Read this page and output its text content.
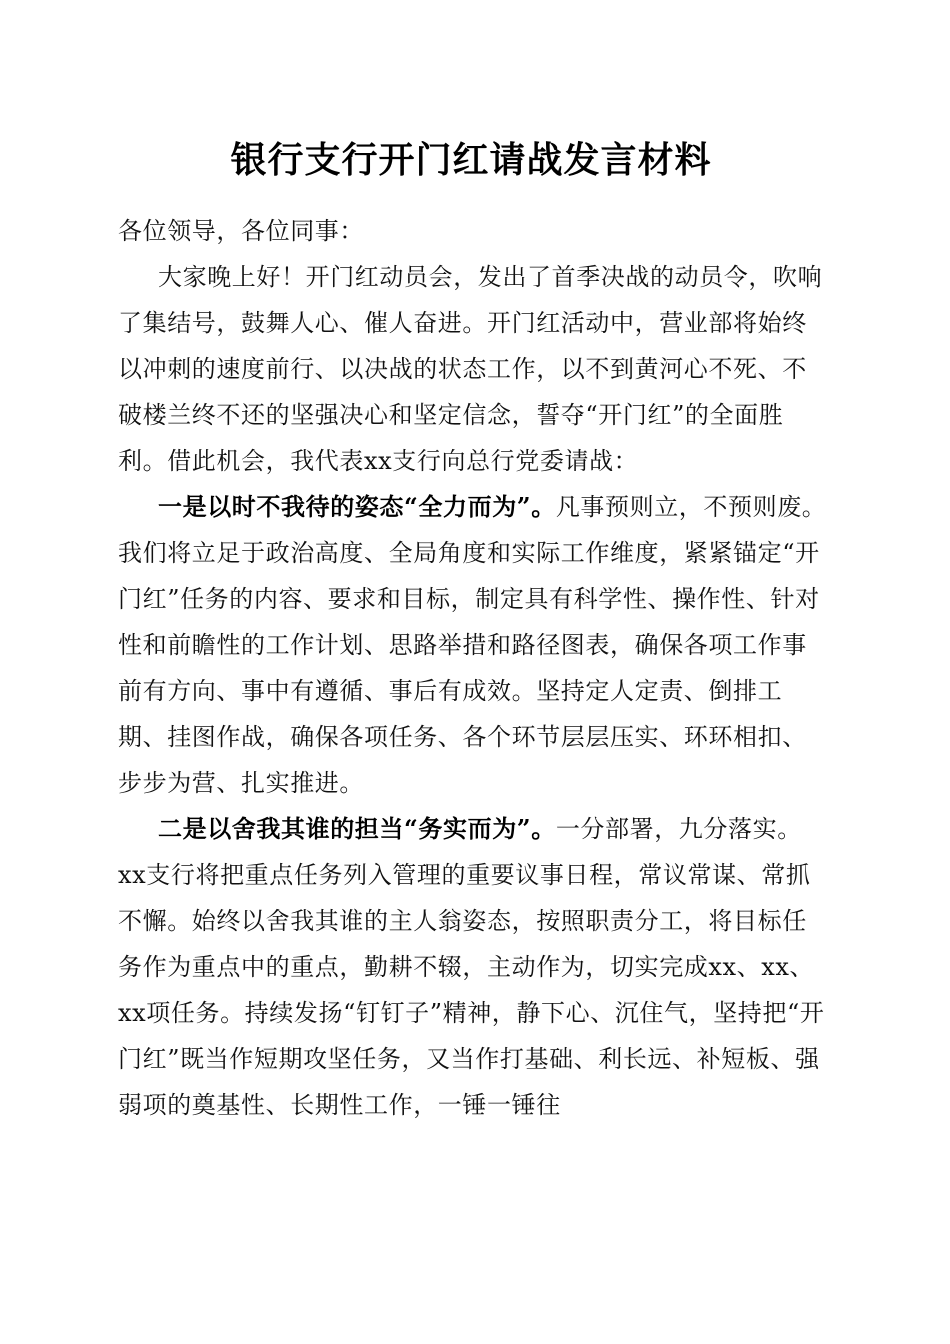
银行支行开门红请战发言材料

各位领导，各位同事：

大家晚上好！开门红动员会，发出了首季决战的动员令，吹响了集结号，鼓舞人心、催人奋进。开门红活动中，营业部将始终以冲刺的速度前行、以决战的状态工作，以不到黄河心不死、不破楼兰终不还的坚强决心和坚定信念，誓夺“开门红”的全面胜利。借此机会，我代表xx支行向总行党委请战：

一是以时不我待的姿态“全力而为”。凡事预则立，不预则废。我们将立足于政治高度、全局角度和实际工作维度，紧紧锚定“开门红”任务的内容、要求和目标，制定具有科学性、操作性、针对性和前瞻性的工作计划、思路举措和路径图表，确保各项工作事前有方向、事中有遵循、事后有成效。坚持定人定责、倒排工期、挂图作战，确保各项任务、各个环节层层压实、环环相扣、步步为营、扎实推进。

二是以舍我其谁的担当“务实而为”。一分部署，九分落实。xx支行将把重点任务列入管理的重要议事日程，常议常谋、常抓不懈。始终以舍我其谁的主人翁姿态，按照职责分工，将目标任务作为重点中的重点，勤耕不辍，主动作为，切实完成xx、xx、xx项任务。持续发扬“钉钉子”精神，静下心、沉住气，坚持把“开门红”既当作短期攻坚任务，又当作打基础、利长远、补短板、强弱项的奠基性、长期性工作，一锤一锤往
